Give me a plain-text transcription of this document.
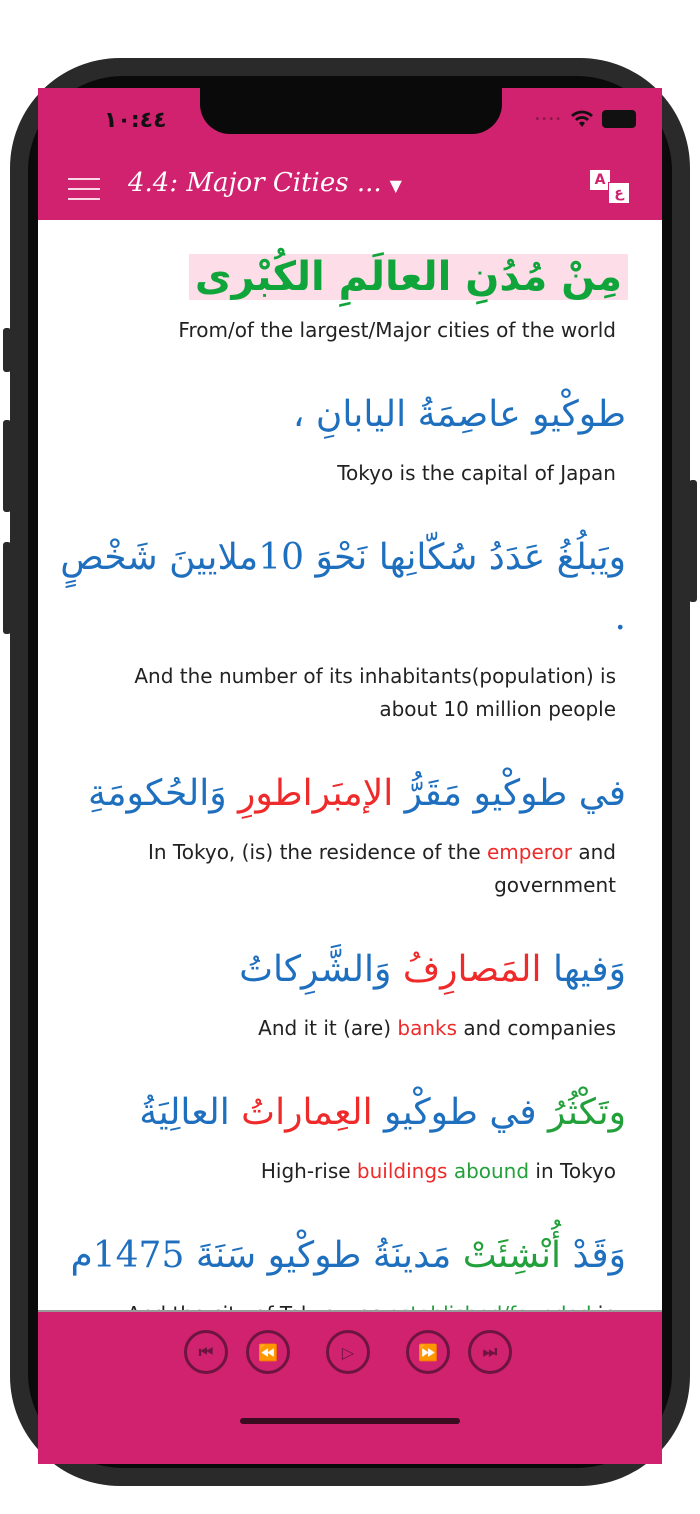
١٠:٤٤	••••
4.4: Major Cities ... ▼	A
ع
مِنْ مُدُنِ العالَمِ الكُبْرى
From/of the largest/Major cities of the world
طوكْيو عاصِمَةُ اليابانِ ،
Tokyo is the capital of Japan
ويَبلُغُ عَدَدُ سُكّانِها نَحْوَ 10ملايينَ شَخْصٍ .
And the number of its inhabitants(population) is about 10 million people
في طوكْيو مَقَرُّ الإمبَراطورِ وَالحُكومَةِ
In Tokyo, (is) the residence of the emperor and government
وَفيها المَصارِفُ وَالشَّرِكاتُ
And it it (are) banks and companies
وتَكْثُرُ في طوكْيو العِماراتُ العالِيَةُ
High-rise buildings abound in Tokyo
وَقَدْ أُنْشِئَتْ مَدينَةُ طوكْيو سَنَةَ 1475م
⏮	⏪	▷	⏩	⏭
